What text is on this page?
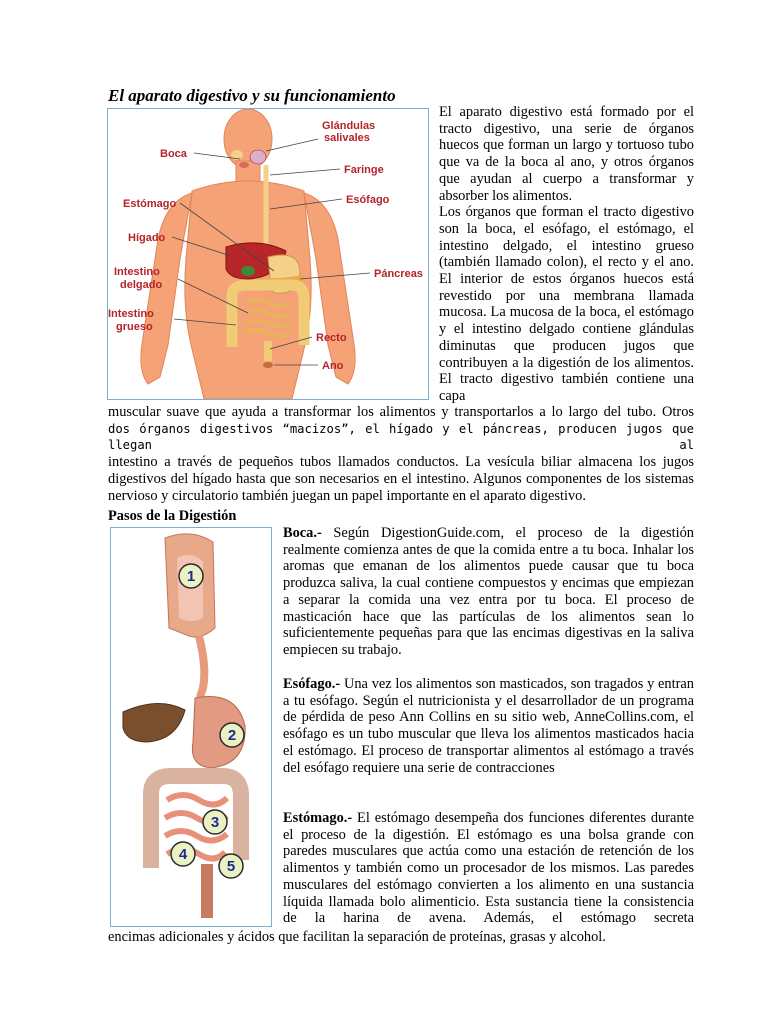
El aparato digestivo y su funcionamiento
Glándulas
salivales
Boca
Faringe
Estómago	Esófago
Hígado
Intestino
delgado
Páncreas
Intestino
grueso
Recto
Ano

El aparato digestivo está formado por el tracto digestivo, una serie de órganos huecos que forman un largo y tortuoso tubo que va de la boca al ano, y otros órganos que ayudan al cuerpo a transformar y absorber los alimentos.

Los órganos que forman el tracto digestivo son la boca, el esófago, el estómago, el intestino delgado, el intestino grueso (también llamado colon), el recto y el ano. El interior de estos órganos huecos está revestido por una membrana llamada mucosa. La mucosa de la boca, el estómago y el intestino delgado contiene glándulas diminutas que producen jugos que contribuyen a la digestión de los alimentos. El tracto digestivo también contiene una capa

muscular suave que ayuda a transformar los alimentos y transportarlos a lo largo del tubo. Otros

dos órganos digestivos “macizos”, el hígado y el páncreas, producen jugos que llegan al

intestino a través de pequeños tubos llamados conductos. La vesícula biliar almacena los jugos digestivos del hígado hasta que son necesarios en el intestino. Algunos componentes de los sistemas nervioso y circulatorio también juegan un papel importante en el aparato digestivo.

Pasos de la Digestión
1
2
3
4
5

Boca.- Según DigestionGuide.com, el proceso de la digestión realmente comienza antes de que la comida entre a tu boca. Inhalar los aromas que emanan de los alimentos puede causar que tu boca produzca saliva, la cual contiene compuestos y encimas que empiezan a separar la comida una vez entra por tu boca. El proceso de masticación hace que las partículas de los alimentos sean lo suficientemente pequeñas para que las encimas digestivas en la saliva empiecen su trabajo.

Esófago.- Una vez los alimentos son masticados, son tragados y entran a tu esófago. Según el nutricionista y el desarrollador de un programa de pérdida de peso Ann Collins en su sitio web, AnneCollins.com, el esófago es un tubo muscular que lleva los alimentos masticados hacia el estómago. El proceso de transportar alimentos al estómago a través del esófago requiere una serie de contracciones

Estómago.- El estómago desempeña dos funciones diferentes durante el proceso de la digestión. El estómago es una bolsa grande con paredes musculares que actúa como una estación de retención de los alimentos y también como un procesador de los mismos. Las paredes musculares del estómago convierten a los alimento en una sustancia líquida llamada bolo alimenticio. Esta sustancia tiene la consistencia de la harina de avena. Además, el estómago secreta

encimas adicionales y ácidos que facilitan la separación de proteínas, grasas y alcohol.
